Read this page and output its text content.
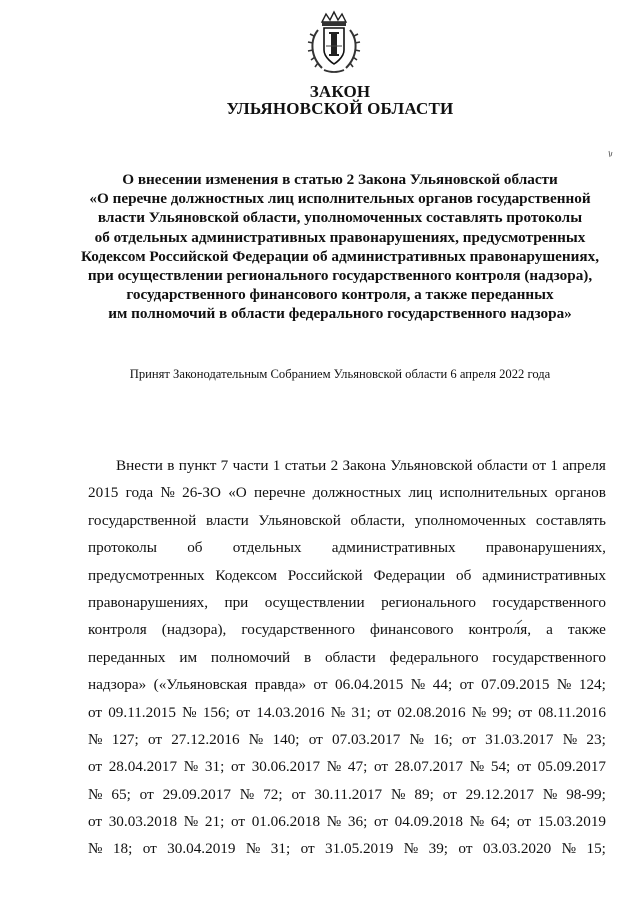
ЗАКОН
УЛЬЯНОВСКОЙ ОБЛАСТИ
О внесении изменения в статью 2 Закона Ульяновской области
«О перечне должностных лиц исполнительных органов государственной
власти Ульяновской области, уполномоченных составлять протоколы
об отдельных административных правонарушениях, предусмотренных
Кодексом Российской Федерации об административных правонарушениях,
при осуществлении регионального государственного контроля (надзора),
государственного финансового контроля, а также переданных
им полномочий в области федерального государственного надзора»
Принят Законодательным Собранием Ульяновской области 6 апреля 2022 года
Внести в пункт 7 части 1 статьи 2 Закона Ульяновской области от 1 апреля
2015 года № 26-ЗО «О перечне должностных лиц исполнительных органов
государственной власти Ульяновской области, уполномоченных составлять
протоколы об отдельных административных правонарушениях,
предусмотренных Кодексом Российской Федерации об административных
правонарушениях, при осуществлении регионального государственного
контроля (надзора), государственного финансового контроля, а также
переданных им полномочий в области федерального государственного
надзора» («Ульяновская правда» от 06.04.2015 № 44; от 07.09.2015 № 124;
от 09.11.2015 № 156; от 14.03.2016 № 31; от 02.08.2016 № 99; от 08.11.2016
№ 127; от 27.12.2016 № 140; от 07.03.2017 № 16; от 31.03.2017 № 23;
от 28.04.2017 № 31; от 30.06.2017 № 47; от 28.07.2017 № 54; от 05.09.2017
№ 65; от 29.09.2017 № 72; от 30.11.2017 № 89; от 29.12.2017 № 98-99;
от 30.03.2018 № 21; от 01.06.2018 № 36; от 04.09.2018 № 64; от 15.03.2019
№ 18; от 30.04.2019 № 31; от 31.05.2019 № 39; от 03.03.2020 № 15;
